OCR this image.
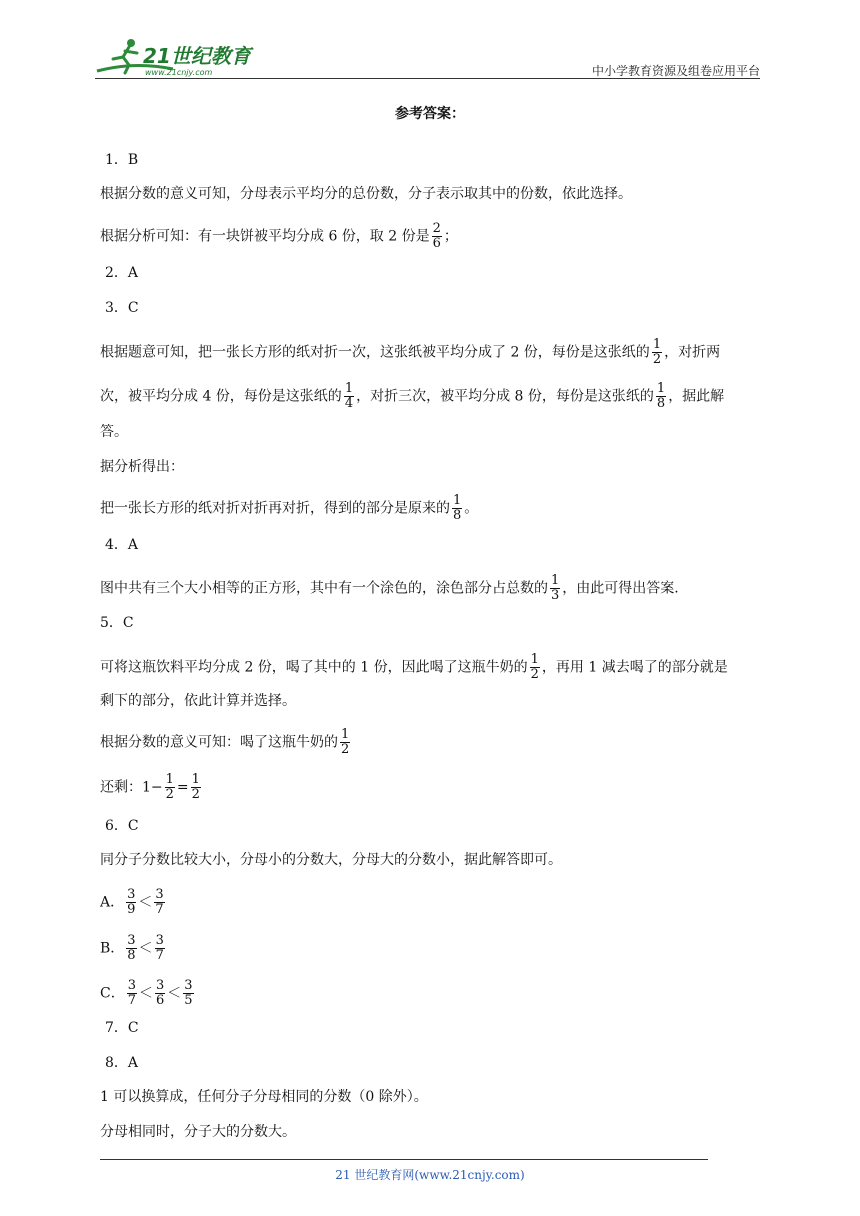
21世纪教育
www.21cnjy.com	中小学教育资源及组卷应用平台
参考答案：
1．B
根据分数的意义可知，分母表示平均分的总份数，分子表示取其中的份数，依此选择。
根据分析可知：有一块饼被平均分成 6 份，取 2 份是 $\frac{2}{6}$ ；
2．A
3．C
根据题意可知，把一张长方形的纸对折一次，这张纸被平均分成了 2 份，每份是这张纸的 $\frac{1}{2}$ ，对折两
次，被平均分成 4 份，每份是这张纸的 $\frac{1}{4}$ ，对折三次，被平均分成 8 份，每份是这张纸的 $\frac{1}{8}$ ，据此解
答。
据分析得出：
把一张长方形的纸对折对折再对折，得到的部分是原来的 $\frac{1}{8}$ 。
4．A
图中共有三个大小相等的正方形，其中有一个涂色的，涂色部分占总数的 $\frac{1}{3}$ ，由此可得出答案.
5．C
可将这瓶饮料平均分成 2 份，喝了其中的 1 份，因此喝了这瓶牛奶的 $\frac{1}{2}$ ，再用 1 减去喝了的部分就是
剩下的部分，依此计算并选择。
根据分数的意义可知：喝了这瓶牛奶的 $\frac{1}{2}$
还剩：$1- \frac{1}{2} = \frac{1}{2}$
6．C
同分子分数比较大小，分母小的分数大，分母大的分数小，据此解答即可。
A． $\frac{3}{9} < \frac{3}{7}$
B． $\frac{3}{8} < \frac{3}{7}$
C． $\frac{3}{7} < \frac{3}{6} < \frac{3}{5}$
7．C
8．A
1 可以换算成，任何分子分母相同的分数（0 除外）。
分母相同时，分子大的分数大。
21 世纪教育网(www.21cnjy.com)
